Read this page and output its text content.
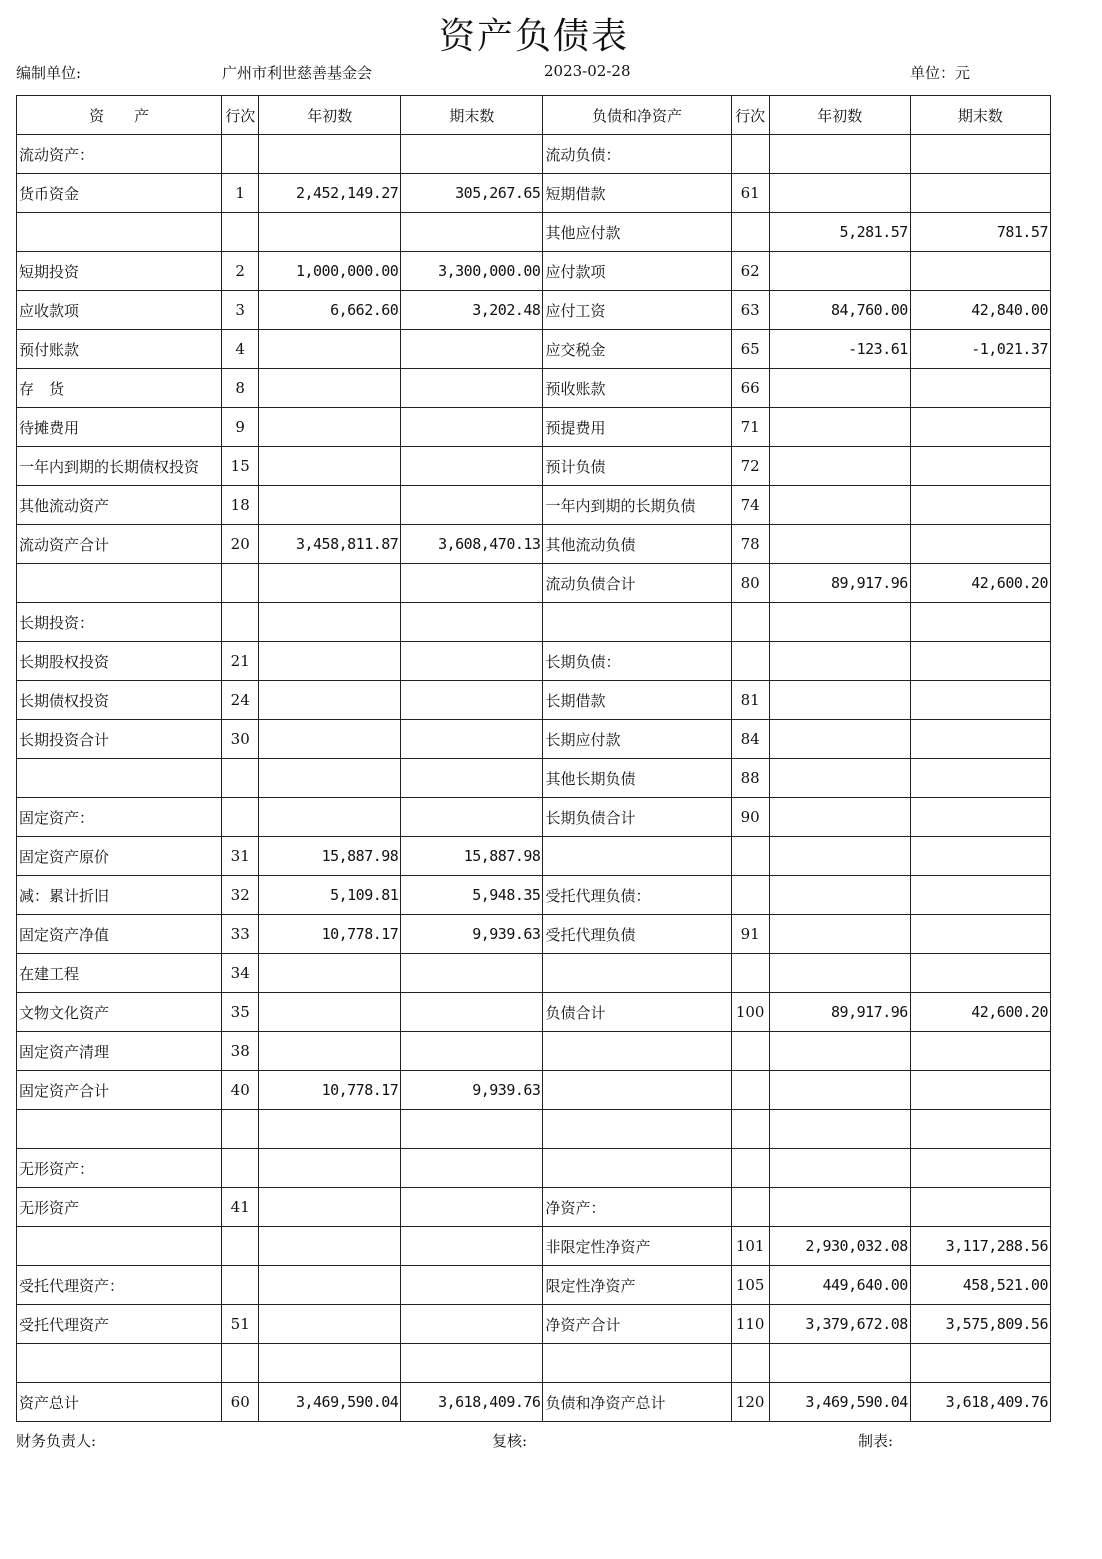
资产负债表
编制单位:	广州市利世慈善基金会	2023-02-28	单位：元
资　　产	行次	年初数	期末数	负债和净资产	行次	年初数	期末数
流动资产：				流动负债：			
货币资金	1	2,452,149.27	305,267.65	短期借款	61		
				其他应付款		5,281.57	781.57
短期投资	2	1,000,000.00	3,300,000.00	应付款项	62		
应收款项	3	6,662.60	3,202.48	应付工资	63	84,760.00	42,840.00
预付账款	4			应交税金	65	-123.61	-1,021.37
存　货	8			预收账款	66		
待摊费用	9			预提费用	71		
一年内到期的长期债权投资	15			预计负债	72		
其他流动资产	18			一年内到期的长期负债	74		
流动资产合计	20	3,458,811.87	3,608,470.13	其他流动负债	78		
				流动负债合计	80	89,917.96	42,600.20
长期投资：							
长期股权投资	21			长期负债：			
长期债权投资	24			长期借款	81		
长期投资合计	30			长期应付款	84		
				其他长期负债	88		
固定资产：				长期负债合计	90		
固定资产原价	31	15,887.98	15,887.98				
减：累计折旧	32	5,109.81	5,948.35	受托代理负债：			
固定资产净值	33	10,778.17	9,939.63	受托代理负债	91		
在建工程	34						
文物文化资产	35			负债合计	100	89,917.96	42,600.20
固定资产清理	38						
固定资产合计	40	10,778.17	9,939.63				

无形资产：							
无形资产	41			净资产：			
				非限定性净资产	101	2,930,032.08	3,117,288.56
受托代理资产：				限定性净资产	105	449,640.00	458,521.00
受托代理资产	51			净资产合计	110	3,379,672.08	3,575,809.56

资产总计	60	3,469,590.04	3,618,409.76	负债和净资产总计	120	3,469,590.04	3,618,409.76
财务负责人:	复核:	制表:
